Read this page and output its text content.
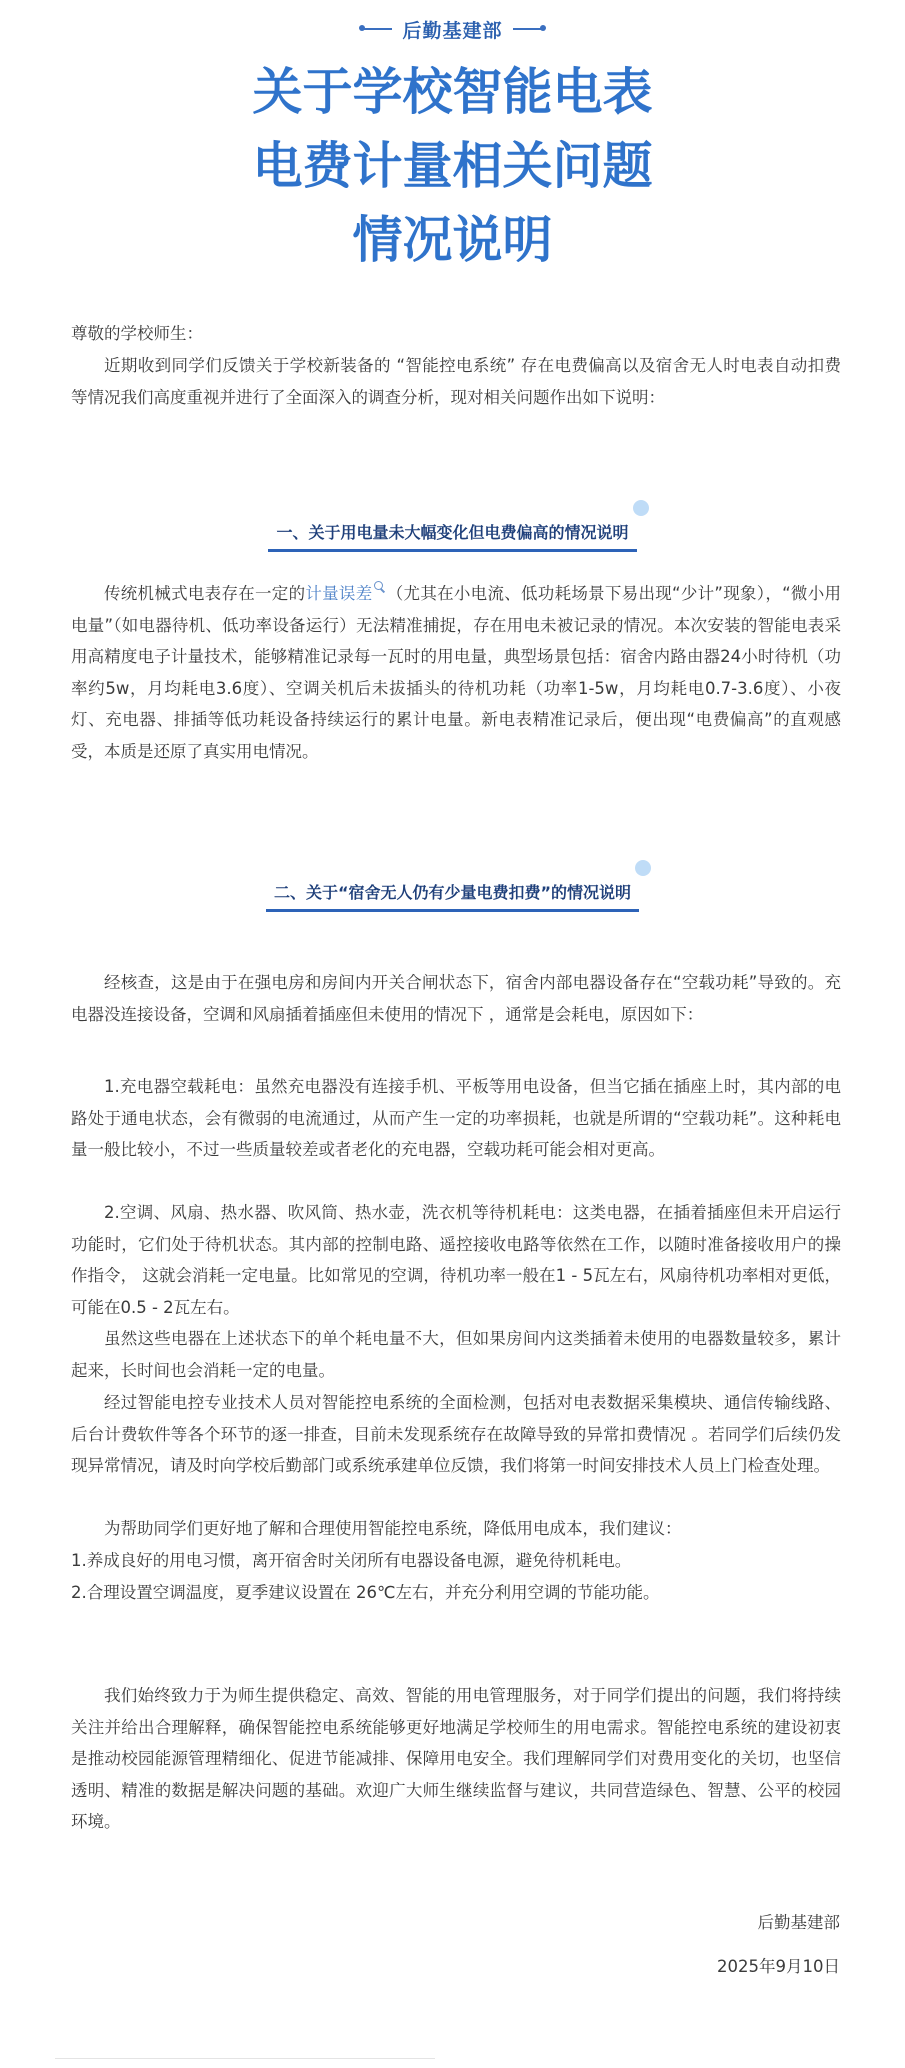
后勤基建部
关于学校智能电表
电费计量相关问题
情况说明
尊敬的学校师生：
近期收到同学们反馈关于学校新装备的 “智能控电系统” 存在电费偏高以及宿舍无人时电表自动扣费等情况我们高度重视并进行了全面深入的调查分析，现对相关问题作出如下说明：
一、关于用电量未大幅变化但电费偏高的情况说明
传统机械式电表存在一定的计量误差 （尤其在小电流、低功耗场景下易出现“少计”现象），“微小用电量”（如电器待机、低功率设备运行）无法精准捕捉，存在用电未被记录的情况。本次安装的智能电表采用高精度电子计量技术，能够精准记录每一瓦时的用电量，典型场景包括：宿舍内路由器24小时待机（功率约5w，月均耗电3.6度）、空调关机后未拔插头的待机功耗（功率1-5w，月均耗电0.7-3.6度）、小夜灯、充电器、排插等低功耗设备持续运行的累计电量。新电表精准记录后，便出现“电费偏高”的直观感受，本质是还原了真实用电情况。
二、关于“宿舍无人仍有少量电费扣费”的情况说明
经核查，这是由于在强电房和房间内开关合闸状态下，宿舍内部电器设备存在“空载功耗”导致的。充电器没连接设备，空调和风扇插着插座但未使用的情况下 ，通常是会耗电，原因如下：
1.充电器空载耗电：虽然充电器没有连接手机、平板等用电设备，但当它插在插座上时，其内部的电路处于通电状态，会有微弱的电流通过，从而产生一定的功率损耗，也就是所谓的“空载功耗”。这种耗电量一般比较小，不过一些质量较差或者老化的充电器，空载功耗可能会相对更高。
2.空调、风扇、热水器、吹风筒、热水壶，洗衣机等待机耗电：这类电器，在插着插座但未开启运行功能时，它们处于待机状态。其内部的控制电路、遥控接收电路等依然在工作，以随时准备接收用户的操作指令， 这就会消耗一定电量。比如常见的空调，待机功率一般在1 - 5瓦左右，风扇待机功率相对更低，可能在0.5 - 2瓦左右。
虽然这些电器在上述状态下的单个耗电量不大，但如果房间内这类插着未使用的电器数量较多，累计起来，长时间也会消耗一定的电量。
经过智能电控专业技术人员对智能控电系统的全面检测，包括对电表数据采集模块、通信传输线路、后台计费软件等各个环节的逐一排查，目前未发现系统存在故障导致的异常扣费情况 。若同学们后续仍发现异常情况，请及时向学校后勤部门或系统承建单位反馈，我们将第一时间安排技术人员上门检查处理。
为帮助同学们更好地了解和合理使用智能控电系统，降低用电成本，我们建议：
1.养成良好的用电习惯，离开宿舍时关闭所有电器设备电源，避免待机耗电。
2.合理设置空调温度，夏季建议设置在 26℃左右，并充分利用空调的节能功能。
我们始终致力于为师生提供稳定、高效、智能的用电管理服务，对于同学们提出的问题，我们将持续关注并给出合理解释，确保智能控电系统能够更好地满足学校师生的用电需求。智能控电系统的建设初衷是推动校园能源管理精细化、促进节能减排、保障用电安全。我们理解同学们对费用变化的关切，也坚信透明、精准的数据是解决问题的基础。欢迎广大师生继续监督与建议，共同营造绿色、智慧、公平的校园环境。
后勤基建部
2025年9月10日
